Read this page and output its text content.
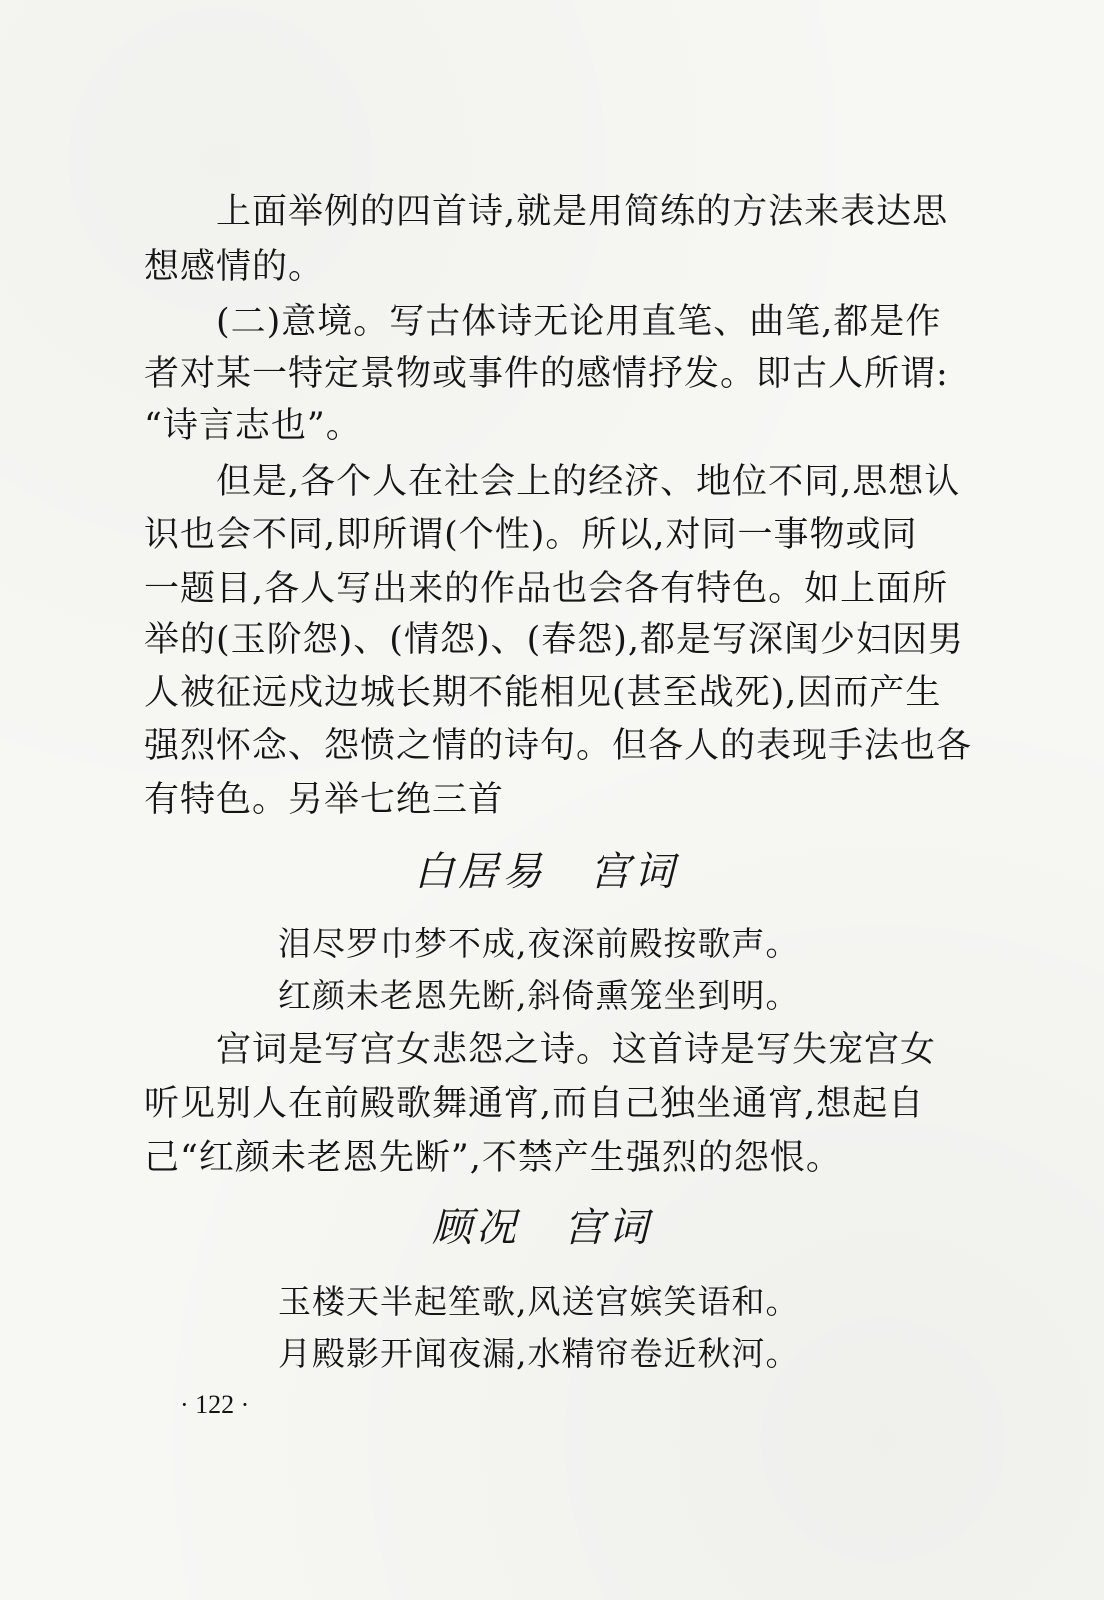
上面举例的四首诗,就是用简练的方法来表达思
想感情的。
(二)意境。写古体诗无论用直笔、曲笔,都是作
者对某一特定景物或事件的感情抒发。即古人所谓:
“诗言志也”。
但是,各个人在社会上的经济、地位不同,思想认
识也会不同,即所谓(个性)。所以,对同一事物或同
一题目,各人写出来的作品也会各有特色。如上面所
举的(玉阶怨)、(情怨)、(春怨),都是写深闺少妇因男
人被征远戍边城长期不能相见(甚至战死),因而产生
强烈怀念、怨愤之情的诗句。但各人的表现手法也各
有特色。另举七绝三首
白居易　宫词
泪尽罗巾梦不成,夜深前殿按歌声。
红颜未老恩先断,斜倚熏笼坐到明。
宫词是写宫女悲怨之诗。这首诗是写失宠宫女
听见别人在前殿歌舞通宵,而自己独坐通宵,想起自
己“红颜未老恩先断”,不禁产生强烈的怨恨。
顾况　宫词
玉楼天半起笙歌,风送宫嫔笑语和。
月殿影开闻夜漏,水精帘卷近秋河。
· 122 ·
